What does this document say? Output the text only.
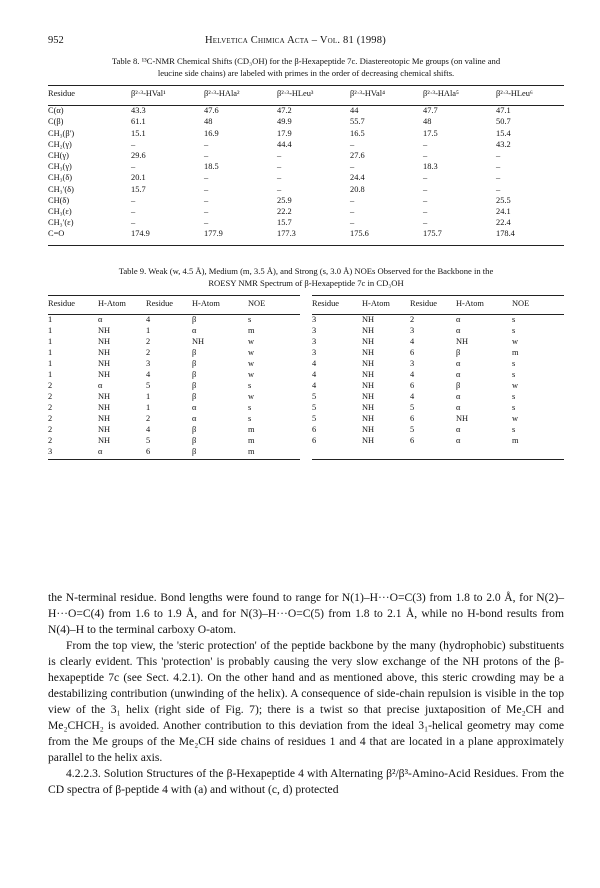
952	Helvetica Chimica Acta – Vol. 81 (1998)
Table 8. ¹³C-NMR Chemical Shifts (CD₃OH) for the β-Hexapeptide 7c. Diastereotopic Me groups (on valine and
leucine side chains) are labeled with primes in the order of decreasing chemical shifts.
Residue	β²·³-HVal¹	β²·³-HAla²	β²·³-HLeu³	β²·³-HVal⁴	β²·³-HAla⁵	β²·³-HLeu⁶

C(α)	43.3	47.6	47.2	44	47.7	47.1
C(β)	61.1	48	49.9	55.7	48	50.7
CH₃(β′)	15.1	16.9	17.9	16.5	17.5	15.4
CH₂(γ)	–	–	44.4	–	–	43.2
CH(γ)	29.6	–	–	27.6	–	–
CH₃(γ)	–	18.5	–	–	18.3	–
CH₃(δ)	20.1	–	–	24.4	–	–
CH₃′(δ)	15.7	–	–	20.8	–	–
CH(δ)	–	–	25.9	–	–	25.5
CH₃(ε)	–	–	22.2	–	–	24.1
CH₃′(ε)	–	–	15.7	–	–	22.4
C=O	174.9	177.9	177.3	175.6	175.7	178.4
Table 9. Weak (w, 4.5 Å), Medium (m, 3.5 Å), and Strong (s, 3.0 Å) NOEs Observed for the Backbone in the
ROESY NMR Spectrum of β-Hexapeptide 7c in CD₃OH
Residue	H-Atom	Residue	H-Atom	NOE

1	α	4	β	s
1	NH	1	α	m
1	NH	2	NH	w
1	NH	2	β	w
1	NH	3	β	w
1	NH	4	β	w
2	α	5	β	s
2	NH	1	β	w
2	NH	1	α	s
2	NH	2	α	s
2	NH	4	β	m
2	NH	5	β	m
3	α	6	β	m
Residue	H-Atom	Residue	H-Atom	NOE

3	NH	2	α	s
3	NH	3	α	s
3	NH	4	NH	w
3	NH	6	β	m
4	NH	3	α	s
4	NH	4	α	s
4	NH	6	β	w
5	NH	4	α	s
5	NH	5	α	s
5	NH	6	NH	w
6	NH	5	α	s
6	NH	6	α	m

the N-terminal residue. Bond lengths were found to range for N(1)–H···O=C(3) from 1.8 to 2.0 Å, for N(2)–H···O=C(4) from 1.6 to 1.9 Å, and for N(3)–H···O=C(5) from 1.8 to 2.1 Å, while no H-bond results from N(4)–H to the terminal carboxy O-atom.

From the top view, the 'steric protection' of the peptide backbone by the many (hydrophobic) substituents is clearly evident. This 'protection' is probably causing the very slow exchange of the NH protons of the β-hexapeptide 7c (see Sect. 4.2.1). On the other hand and as mentioned above, this steric crowding may be a destabilizing contribution (unwinding of the helix). A consequence of side-chain repulsion is visible in the top view of the 3₁ helix (right side of Fig. 7); there is a twist so that precise juxtaposition of Me₂CH and Me₂CHCH₂ is avoided. Another contribution to this deviation from the ideal 3₁-helical geometry may come from the Me groups of the Me₂CH side chains of residues 1 and 4 that are located in a plane approximately parallel to the helix axis.

4.2.2.3. Solution Structures of the β-Hexapeptide 4 with Alternating β²/β³-Amino-Acid Residues. From the CD spectra of β-peptide 4 with (a) and without (c, d) protected
